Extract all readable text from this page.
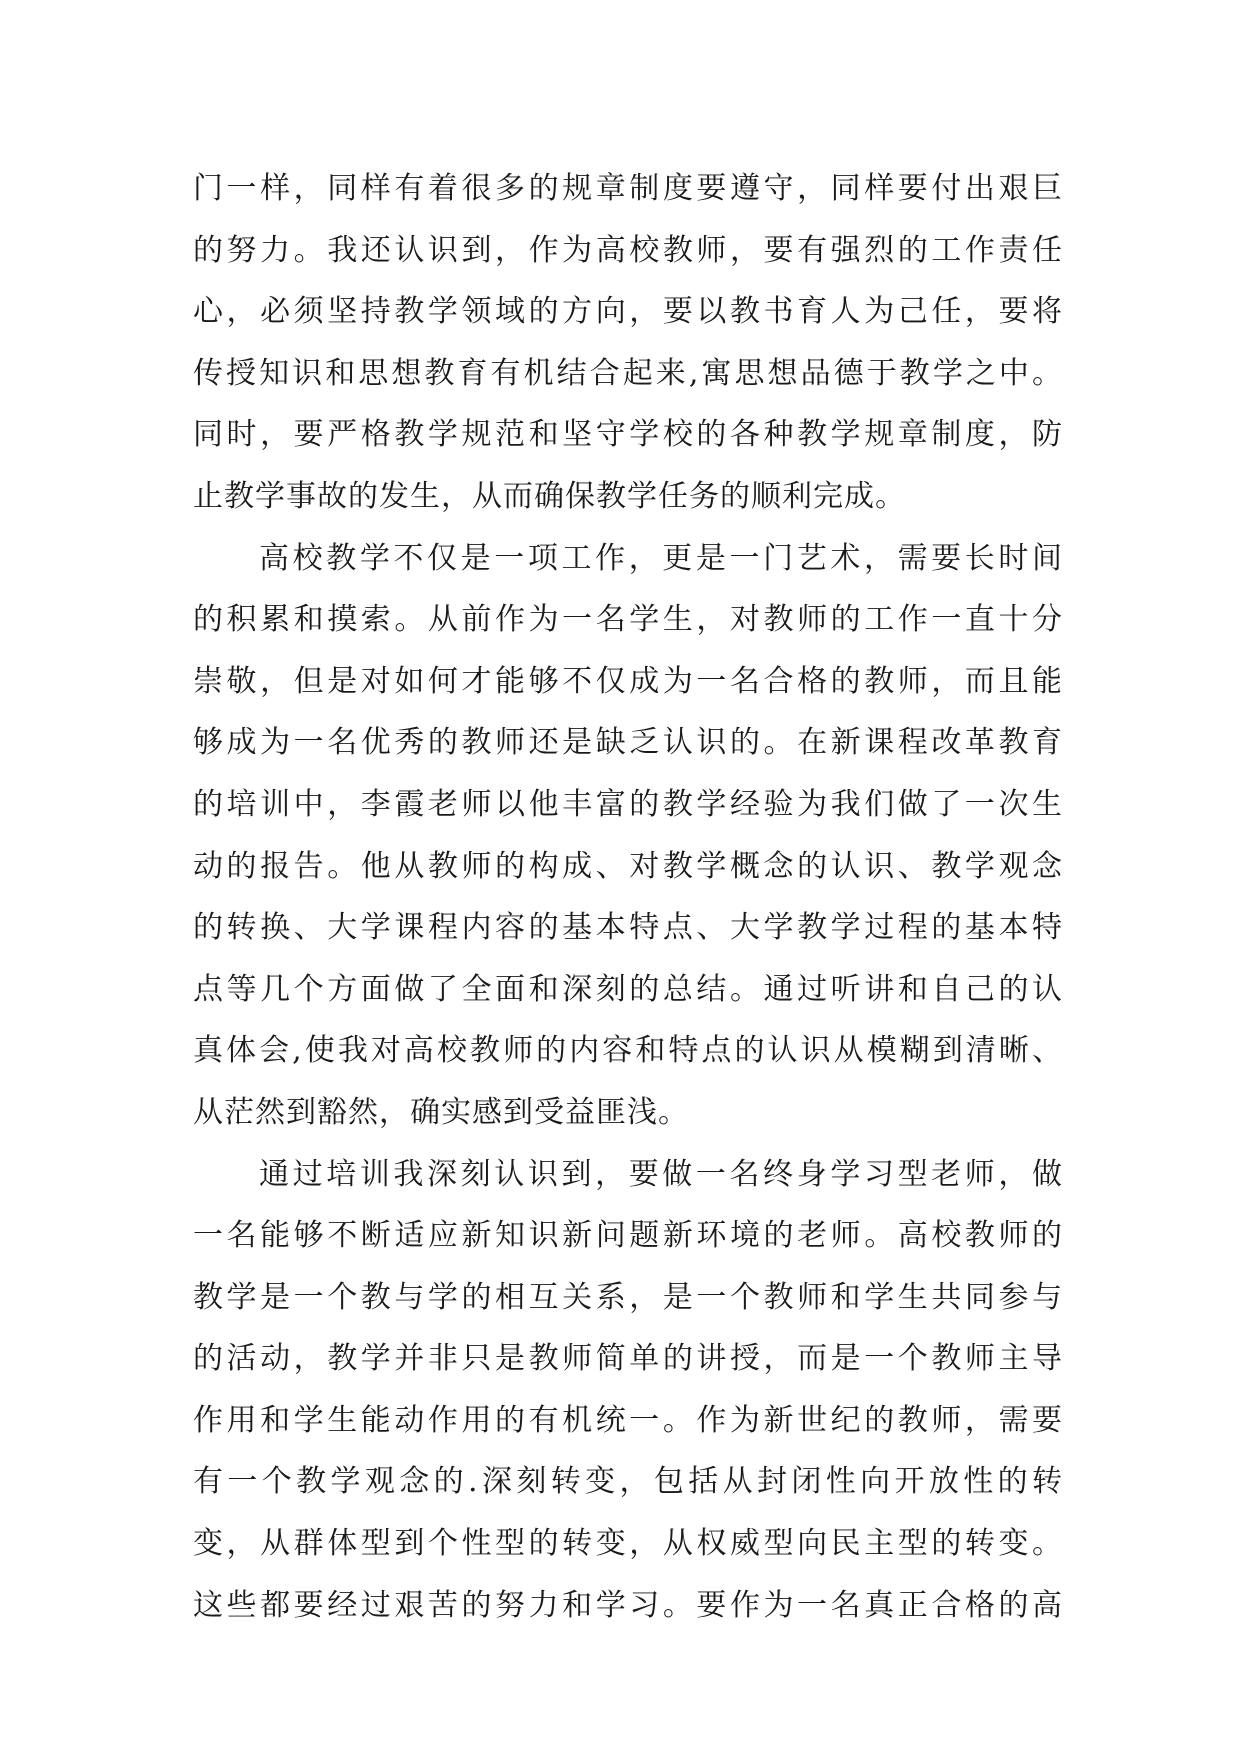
门一样，同样有着很多的规章制度要遵守，同样要付出艰巨
的努力。我还认识到，作为高校教师，要有强烈的工作责任
心，必须坚持教学领域的方向，要以教书育人为己任，要将
传授知识和思想教育有机结合起来,寓思想品德于教学之中。
同时，要严格教学规范和坚守学校的各种教学规章制度，防
止教学事故的发生，从而确保教学任务的顺利完成。
高校教学不仅是一项工作，更是一门艺术，需要长时间
的积累和摸索。从前作为一名学生，对教师的工作一直十分
崇敬，但是对如何才能够不仅成为一名合格的教师，而且能
够成为一名优秀的教师还是缺乏认识的。在新课程改革教育
的培训中，李霞老师以他丰富的教学经验为我们做了一次生
动的报告。他从教师的构成、对教学概念的认识、教学观念
的转换、大学课程内容的基本特点、大学教学过程的基本特
点等几个方面做了全面和深刻的总结。通过听讲和自己的认
真体会,使我对高校教师的内容和特点的认识从模糊到清晰、
从茫然到豁然，确实感到受益匪浅。
通过培训我深刻认识到，要做一名终身学习型老师，做
一名能够不断适应新知识新问题新环境的老师。高校教师的
教学是一个教与学的相互关系，是一个教师和学生共同参与
的活动，教学并非只是教师简单的讲授，而是一个教师主导
作用和学生能动作用的有机统一。作为新世纪的教师，需要
有一个教学观念的.深刻转变，包括从封闭性向开放性的转
变，从群体型到个性型的转变，从权威型向民主型的转变。
这些都要经过艰苦的努力和学习。要作为一名真正合格的高
